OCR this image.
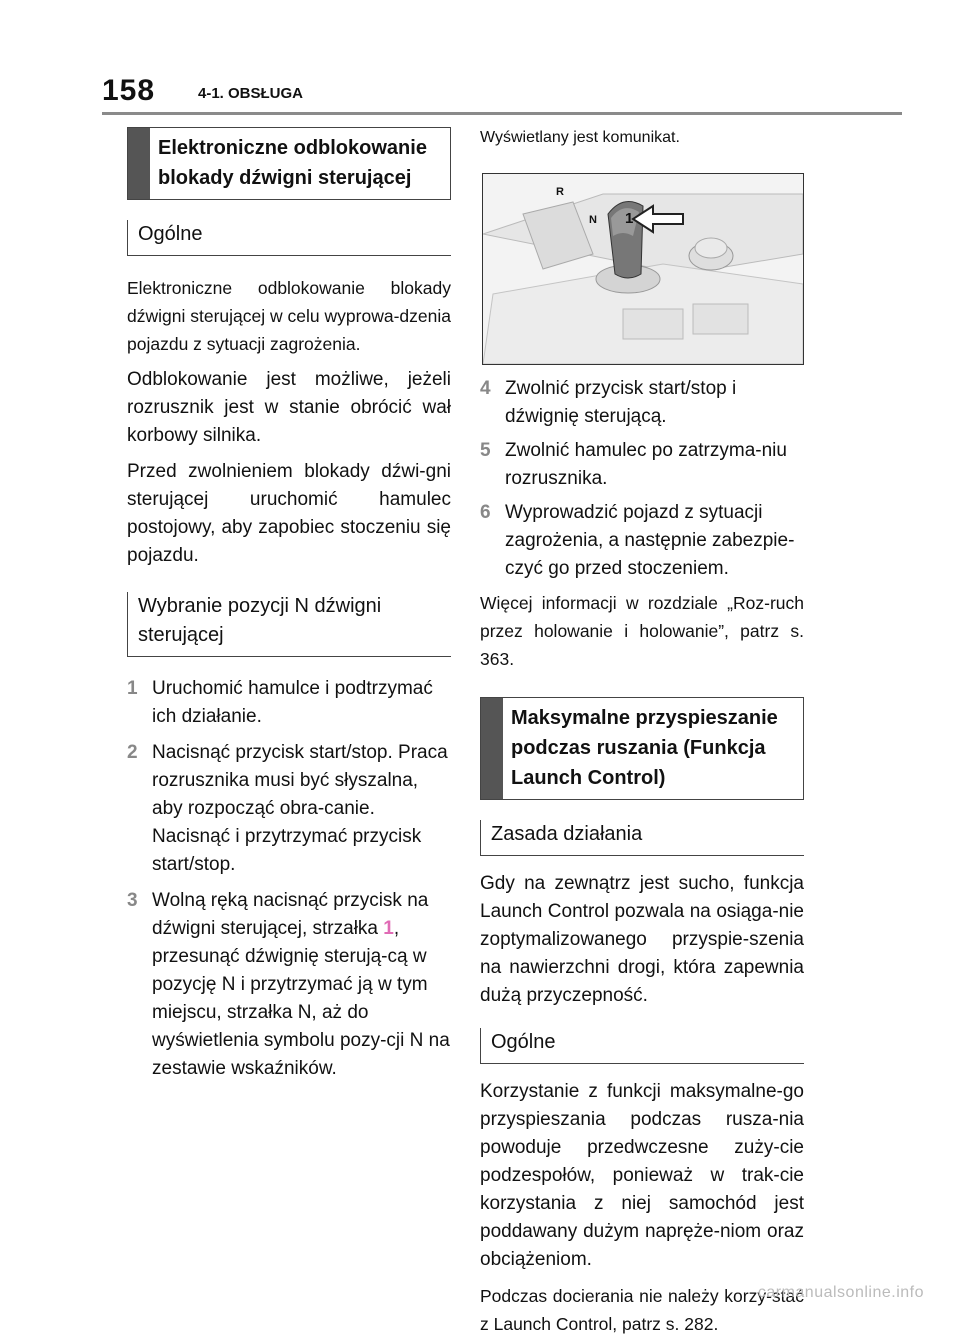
158	4-1. OBSŁUGA
Elektroniczne odblokowanie blokady dźwigni sterującej
Ogólne

Elektroniczne odblokowanie blokady dźwigni sterującej w celu wyprowa-dzenia pojazdu z sytuacji zagrożenia.

Odblokowanie jest możliwe, jeżeli rozrusznik jest w stanie obrócić wał korbowy silnika.

Przed zwolnieniem blokady dźwi-gni sterującej uruchomić hamulec postojowy, aby zapobiec stoczeniu się pojazdu.

Wybranie pozycji N dźwigni sterującej
1 Uruchomić hamulce i podtrzymać ich działanie.
2 Nacisnąć przycisk start/stop. Praca rozrusznika musi być słyszalna, aby rozpocząć obra-canie. Nacisnąć i przytrzymać przycisk start/stop.
3 Wolną ręką nacisnąć przycisk na dźwigni sterującej, strzałka 1, przesunąć dźwignię sterują-cą w pozycję N i przytrzymać ją w tym miejscu, strzałka N, aż do wyświetlenia symbolu pozy-cji N na zestawie wskaźników.

Wyświetlany jest komunikat.

R
N 1
4 Zwolnić przycisk start/stop i dźwignię sterującą.
5 Zwolnić hamulec po zatrzyma-niu rozrusznika.
6 Wyprowadzić pojazd z sytuacji zagrożenia, a następnie zabezpie-czyć go przed stoczeniem.

Więcej informacji w rozdziale „Roz-ruch przez holowanie i holowanie”, patrz s. 363.

Maksymalne przyspieszanie podczas ruszania (Funkcja Launch Control)
Zasada działania

Gdy na zewnątrz jest sucho, funkcja Launch Control pozwala na osiąga-nie zoptymalizowanego przyspie-szenia na nawierzchni drogi, która zapewnia dużą przyczepność.

Ogólne

Korzystanie z funkcji maksymalne-go przyspieszania podczas rusza-nia powoduje przedwczesne zuży-cie podzespołów, ponieważ w trak-cie korzystania z niej samochód jest poddawany dużym napręże-niom oraz obciążeniom.

Podczas docierania nie należy korzy-stać z Launch Control, patrz s. 282.

carmanualsonline.info
